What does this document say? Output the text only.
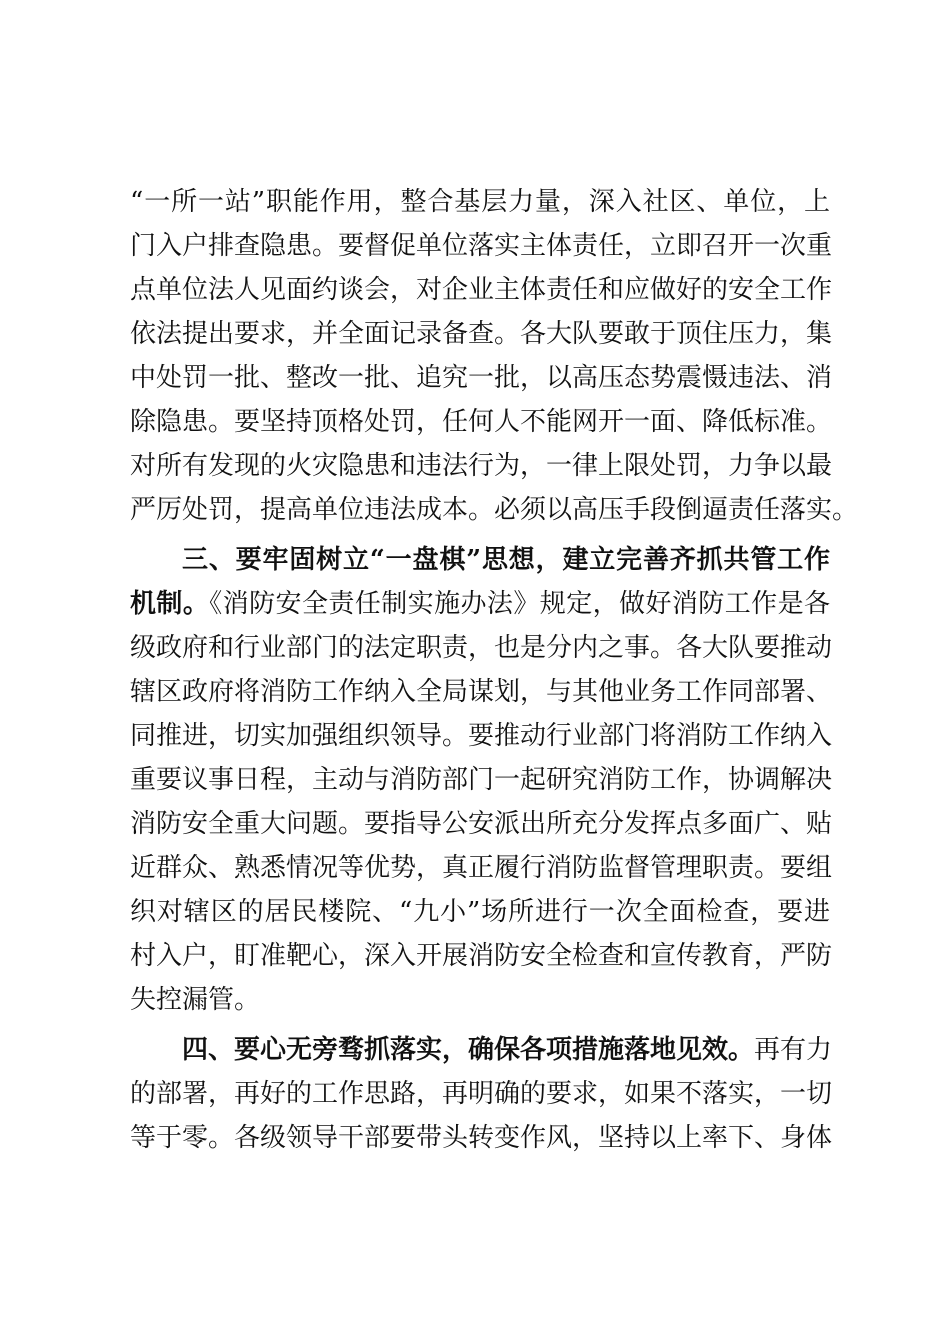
“一所一站”职能作用，整合基层力量，深入社区、单位，上
门入户排查隐患。要督促单位落实主体责任，立即召开一次重
点单位法人见面约谈会，对企业主体责任和应做好的安全工作
依法提出要求，并全面记录备查。各大队要敢于顶住压力，集
中处罚一批、整改一批、追究一批，以高压态势震慑违法、消
除隐患。要坚持顶格处罚，任何人不能网开一面、降低标准。
对所有发现的火灾隐患和违法行为，一律上限处罚，力争以最
严厉处罚，提高单位违法成本。必须以高压手段倒逼责任落实。
三、要牢固树立“一盘棋”思想，建立完善齐抓共管工作
机制。《消防安全责任制实施办法》规定，做好消防工作是各
级政府和行业部门的法定职责，也是分内之事。各大队要推动
辖区政府将消防工作纳入全局谋划，与其他业务工作同部署、
同推进，切实加强组织领导。要推动行业部门将消防工作纳入
重要议事日程，主动与消防部门一起研究消防工作，协调解决
消防安全重大问题。要指导公安派出所充分发挥点多面广、贴
近群众、熟悉情况等优势，真正履行消防监督管理职责。要组
织对辖区的居民楼院、“九小”场所进行一次全面检查，要进
村入户，盯准靶心，深入开展消防安全检查和宣传教育，严防
失控漏管。
四、要心无旁骛抓落实，确保各项措施落地见效。再有力
的部署，再好的工作思路，再明确的要求，如果不落实，一切
等于零。各级领导干部要带头转变作风，坚持以上率下、身体
